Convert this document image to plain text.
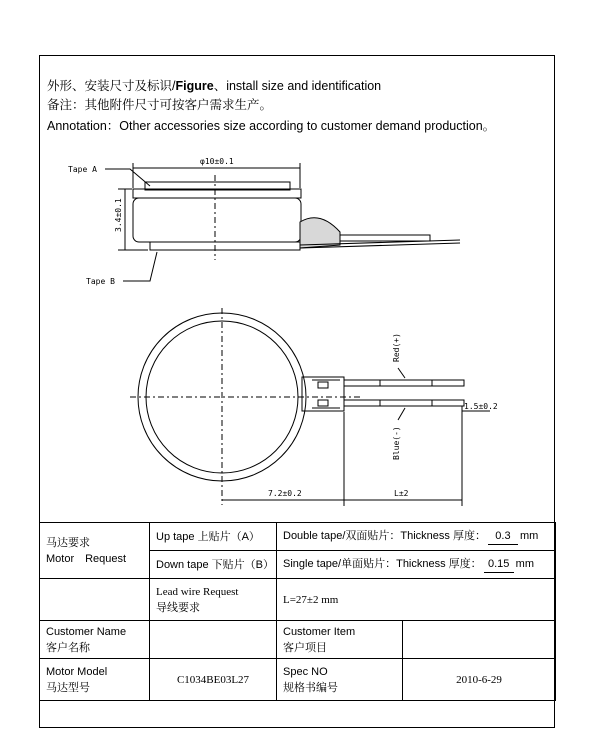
外形、安装尺寸及标识/Figure、install size and identification
备注：其他附件尺寸可按客户需求生产。
Annotation：Other accessories size according to customer demand production。
Tape A
Tape B
φ10±0.1
3.4±0.1
Red(+)
Blue(-)
1.5±0.2
7.2±0.2	L±2
马达要求
Motor　Request	Up tape 上贴片（A）	Double tape/双面贴片：Thickness 厚度： 0.3 mm	
	Down tape 下贴片（B）	Single tape/单面贴片：Thickness 厚度： 0.15 mm	

	Lead wire Request
导线要求	L=27±2 mm	

Customer Name
客户名称		Customer Item
客户项目	

Motor Model
马达型号	C1034BE03L27	Spec NO
规格书编号	2010-6-29
